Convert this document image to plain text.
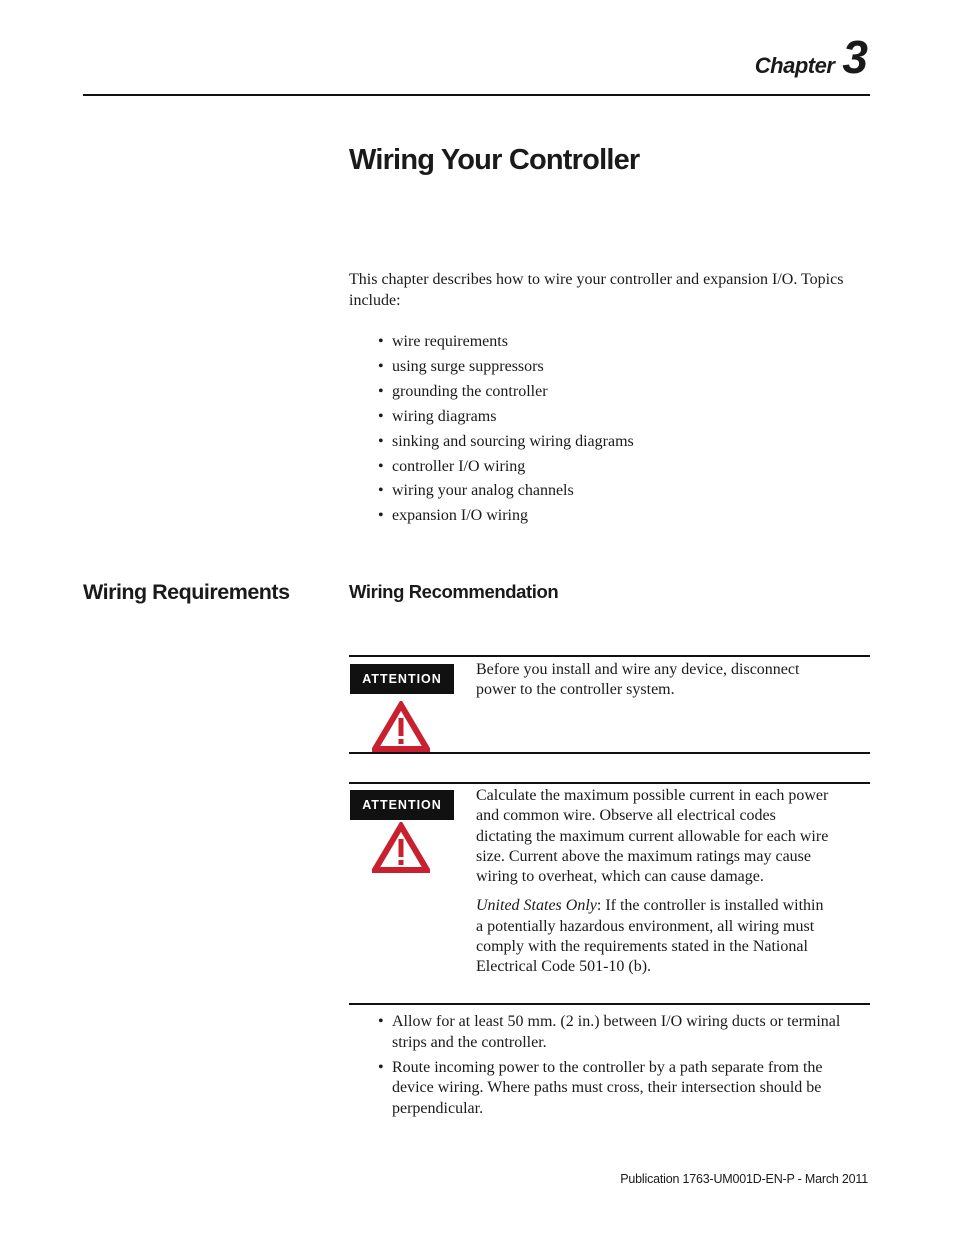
Chapter 3
Wiring Your Controller
This chapter describes how to wire your controller and expansion I/O. Topics include:
• wire requirements
• using surge suppressors
• grounding the controller
• wiring diagrams
• sinking and sourcing wiring diagrams
• controller I/O wiring
• wiring your analog channels
• expansion I/O wiring
Wiring Requirements	Wiring Recommendation
ATTENTION

Before you install and wire any device, disconnect power to the controller system.

ATTENTION

Calculate the maximum possible current in each power and common wire. Observe all electrical codes dictating the maximum current allowable for each wire size. Current above the maximum ratings may cause wiring to overheat, which can cause damage.

United States Only: If the controller is installed within a potentially hazardous environment, all wiring must comply with the requirements stated in the National Electrical Code 501-10 (b).

• Allow for at least 50 mm. (2 in.) between I/O wiring ducts or terminal strips and the controller.
• Route incoming power to the controller by a path separate from the device wiring. Where paths must cross, their intersection should be perpendicular.
Publication 1763-UM001D-EN-P - March 2011
